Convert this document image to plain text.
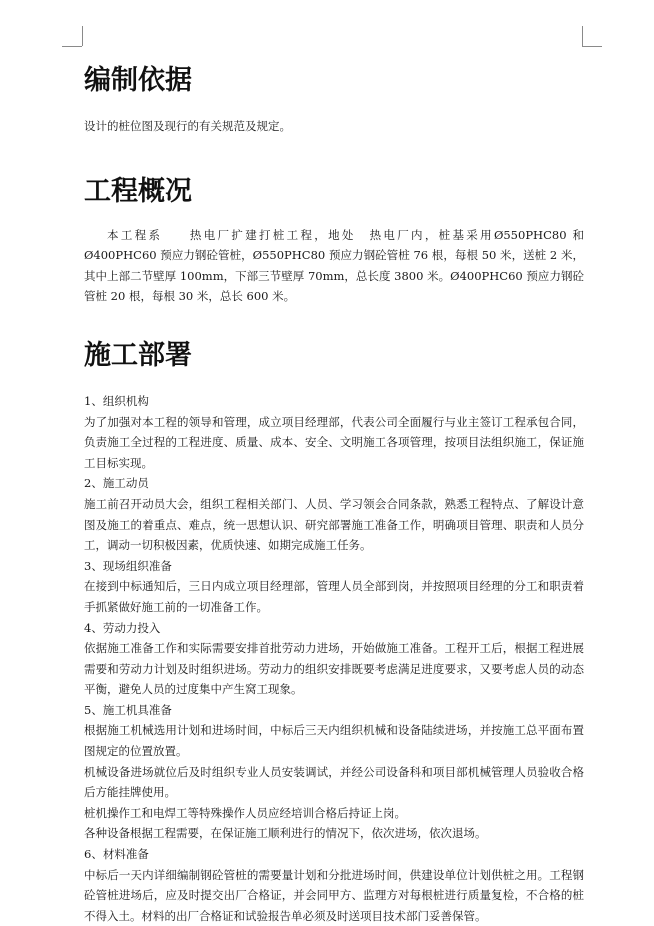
编制依据

设计的桩位图及现行的有关规范及规定。

工程概况

本工程系　　热电厂扩建打桩工程，地处　热电厂内，桩基采用Ø550PHC80 和Ø400PHC60 预应力钢砼管桩，Ø550PHC80 预应力钢砼管桩 76 根，每根 50 米，送桩 2 米，其中上部二节壁厚 100mm，下部三节壁厚 70mm，总长度 3800 米。Ø400PHC60 预应力钢砼管桩 20 根，每根 30 米，总长 600 米。

施工部署
1、组织机构
为了加强对本工程的领导和管理，成立项目经理部，代表公司全面履行与业主签订工程承包合同，负责施工全过程的工程进度、质量、成本、安全、文明施工各项管理，按项目法组织施工，保证施工目标实现。
2、施工动员
施工前召开动员大会，组织工程相关部门、人员、学习领会合同条款，熟悉工程特点、了解设计意图及施工的着重点、难点，统一思想认识、研究部署施工准备工作，明确项目管理、职责和人员分工，调动一切积极因素，优质快速、如期完成施工任务。
3、现场组织准备
在接到中标通知后，三日内成立项目经理部，管理人员全部到岗，并按照项目经理的分工和职责着手抓紧做好施工前的一切准备工作。
4、劳动力投入
依据施工准备工作和实际需要安排首批劳动力进场，开始做施工准备。工程开工后，根据工程进展需要和劳动力计划及时组织进场。劳动力的组织安排既要考虑满足进度要求，又要考虑人员的动态平衡，避免人员的过度集中产生窝工现象。
5、施工机具准备
根据施工机械选用计划和进场时间，中标后三天内组织机械和设备陆续进场，并按施工总平面布置图规定的位置放置。
机械设备进场就位后及时组织专业人员安装调试，并经公司设备科和项目部机械管理人员验收合格后方能挂牌使用。
桩机操作工和电焊工等特殊操作人员应经培训合格后持证上岗。
各种设备根据工程需要，在保证施工顺利进行的情况下，依次进场，依次退场。
6、材料准备
中标后一天内详细编制钢砼管桩的需要量计划和分批进场时间，供建设单位计划供桩之用。工程钢砼管桩进场后，应及时提交出厂合格证，并会同甲方、监理方对每根桩进行质量复检，不合格的桩不得入土。材料的出厂合格证和试验报告单必须及时送项目技术部门妥善保管。
